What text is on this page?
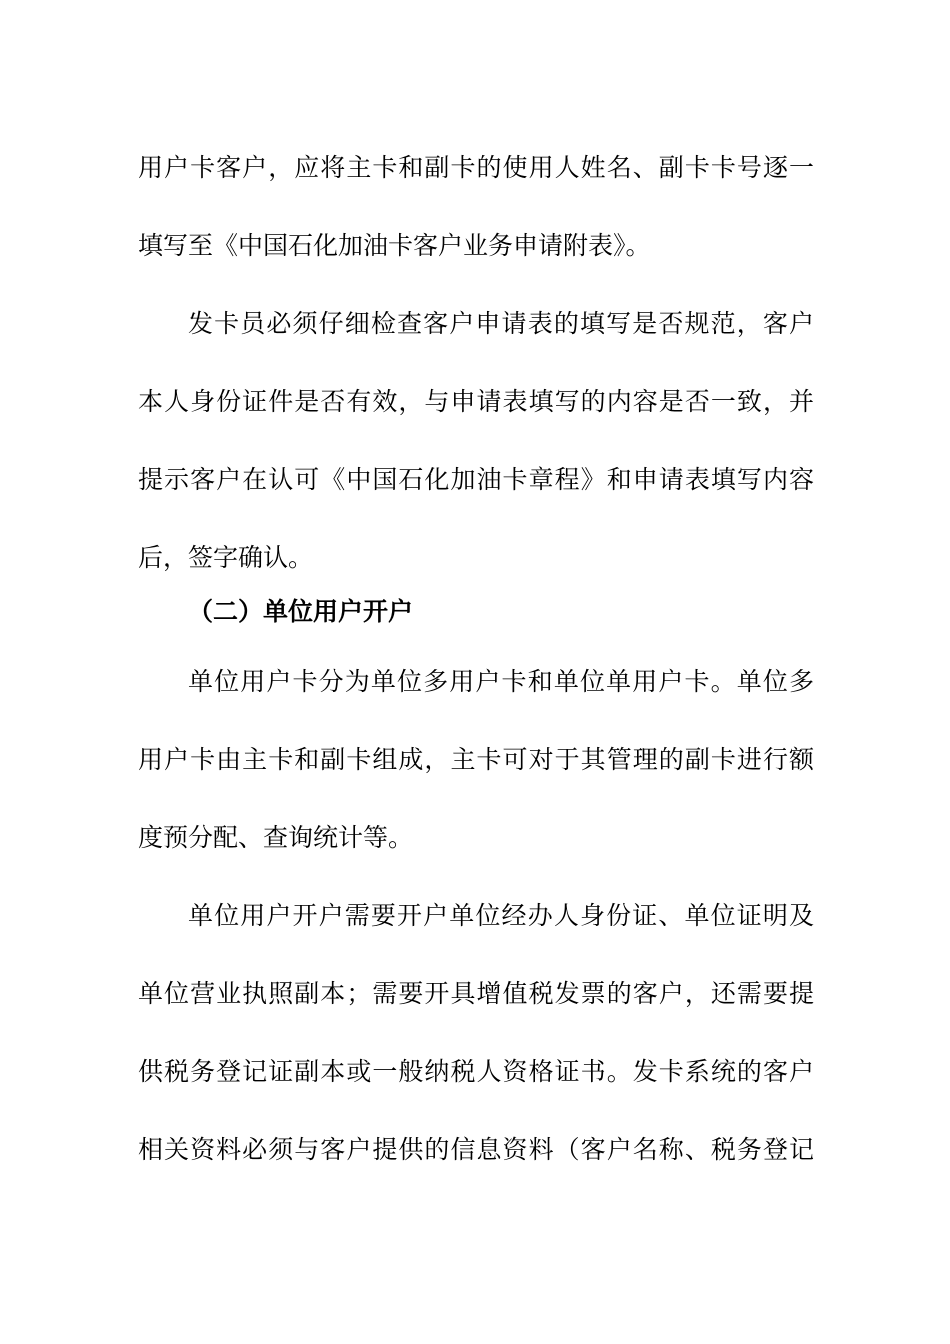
用户卡客户，应将主卡和副卡的使用人姓名、副卡卡号逐一
填写至《中国石化加油卡客户业务申请附表》。
发卡员必须仔细检查客户申请表的填写是否规范，客户
本人身份证件是否有效，与申请表填写的内容是否一致，并
提示客户在认可《中国石化加油卡章程》和申请表填写内容
后，签字确认。
（二）单位用户开户
单位用户卡分为单位多用户卡和单位单用户卡。单位多
用户卡由主卡和副卡组成，主卡可对于其管理的副卡进行额
度预分配、查询统计等。
单位用户开户需要开户单位经办人身份证、单位证明及
单位营业执照副本；需要开具增值税发票的客户，还需要提
供税务登记证副本或一般纳税人资格证书。发卡系统的客户
相关资料必须与客户提供的信息资料（客户名称、税务登记
